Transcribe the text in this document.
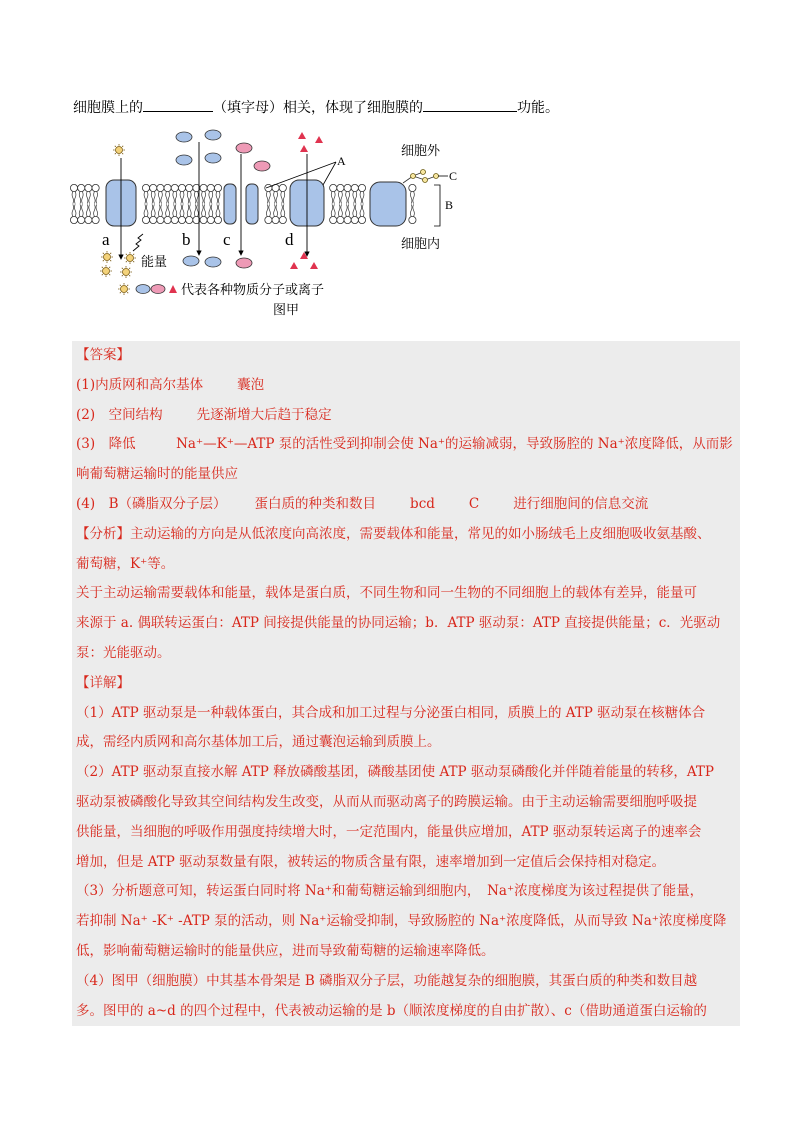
细胞膜上的	（填字母）相关，体现了细胞膜的	功能。
C
B
细胞外
细胞内
A
a	b c	d
能量
代表各种物质分子或离子
图甲

【答案】

(1)内质网和高尔基体	囊泡

(2)　空间结构	先逐渐增大后趋于稳定

(3)　降低　　　Na⁺—K⁺—ATP 泵的活性受到抑制会使 Na⁺的运输减弱，导致肠腔的 Na⁺浓度降低，从而影

响葡萄糖运输时的能量供应

(4)　B（磷脂双分子层） 蛋白质的种类和数目	bcd	C	进行细胞间的信息交流

【分析】主动运输的方向是从低浓度向高浓度，需要载体和能量，常见的如小肠绒毛上皮细胞吸收氨基酸、

葡萄糖，K⁺等。

关于主动运输需要载体和能量，载体是蛋白质，不同生物和同一生物的不同细胞上的载体有差异，能量可

来源于 a. 偶联转运蛋白：ATP 间接提供能量的协同运输；b．ATP 驱动泵：ATP 直接提供能量；c．光驱动

泵：光能驱动。

【详解】

（1）ATP 驱动泵是一种载体蛋白，其合成和加工过程与分泌蛋白相同，质膜上的 ATP 驱动泵在核糖体合

成，需经内质网和高尔基体加工后，通过囊泡运输到质膜上。

（2）ATP 驱动泵直接水解 ATP 释放磷酸基团，磷酸基团使 ATP 驱动泵磷酸化并伴随着能量的转移，ATP

驱动泵被磷酸化导致其空间结构发生改变，从而从而驱动离子的跨膜运输。由于主动运输需要细胞呼吸提

供能量，当细胞的呼吸作用强度持续增大时，一定范围内，能量供应增加，ATP 驱动泵转运离子的速率会

增加，但是 ATP 驱动泵数量有限，被转运的物质含量有限，速率增加到一定值后会保持相对稳定。

（3）分析题意可知，转运蛋白同时将 Na⁺和葡萄糖运输到细胞内，　Na⁺浓度梯度为该过程提供了能量，

若抑制 Na⁺ -K⁺ -ATP 泵的活动，则 Na⁺运输受抑制，导致肠腔的 Na⁺浓度降低，从而导致 Na⁺浓度梯度降

低，影响葡萄糖运输时的能量供应，进而导致葡萄糖的运输速率降低。

（4）图甲（细胞膜）中其基本骨架是 B 磷脂双分子层，功能越复杂的细胞膜，其蛋白质的种类和数目越

多。图甲的 a~d 的四个过程中，代表被动运输的是 b（顺浓度梯度的自由扩散）、c（借助通道蛋白运输的
